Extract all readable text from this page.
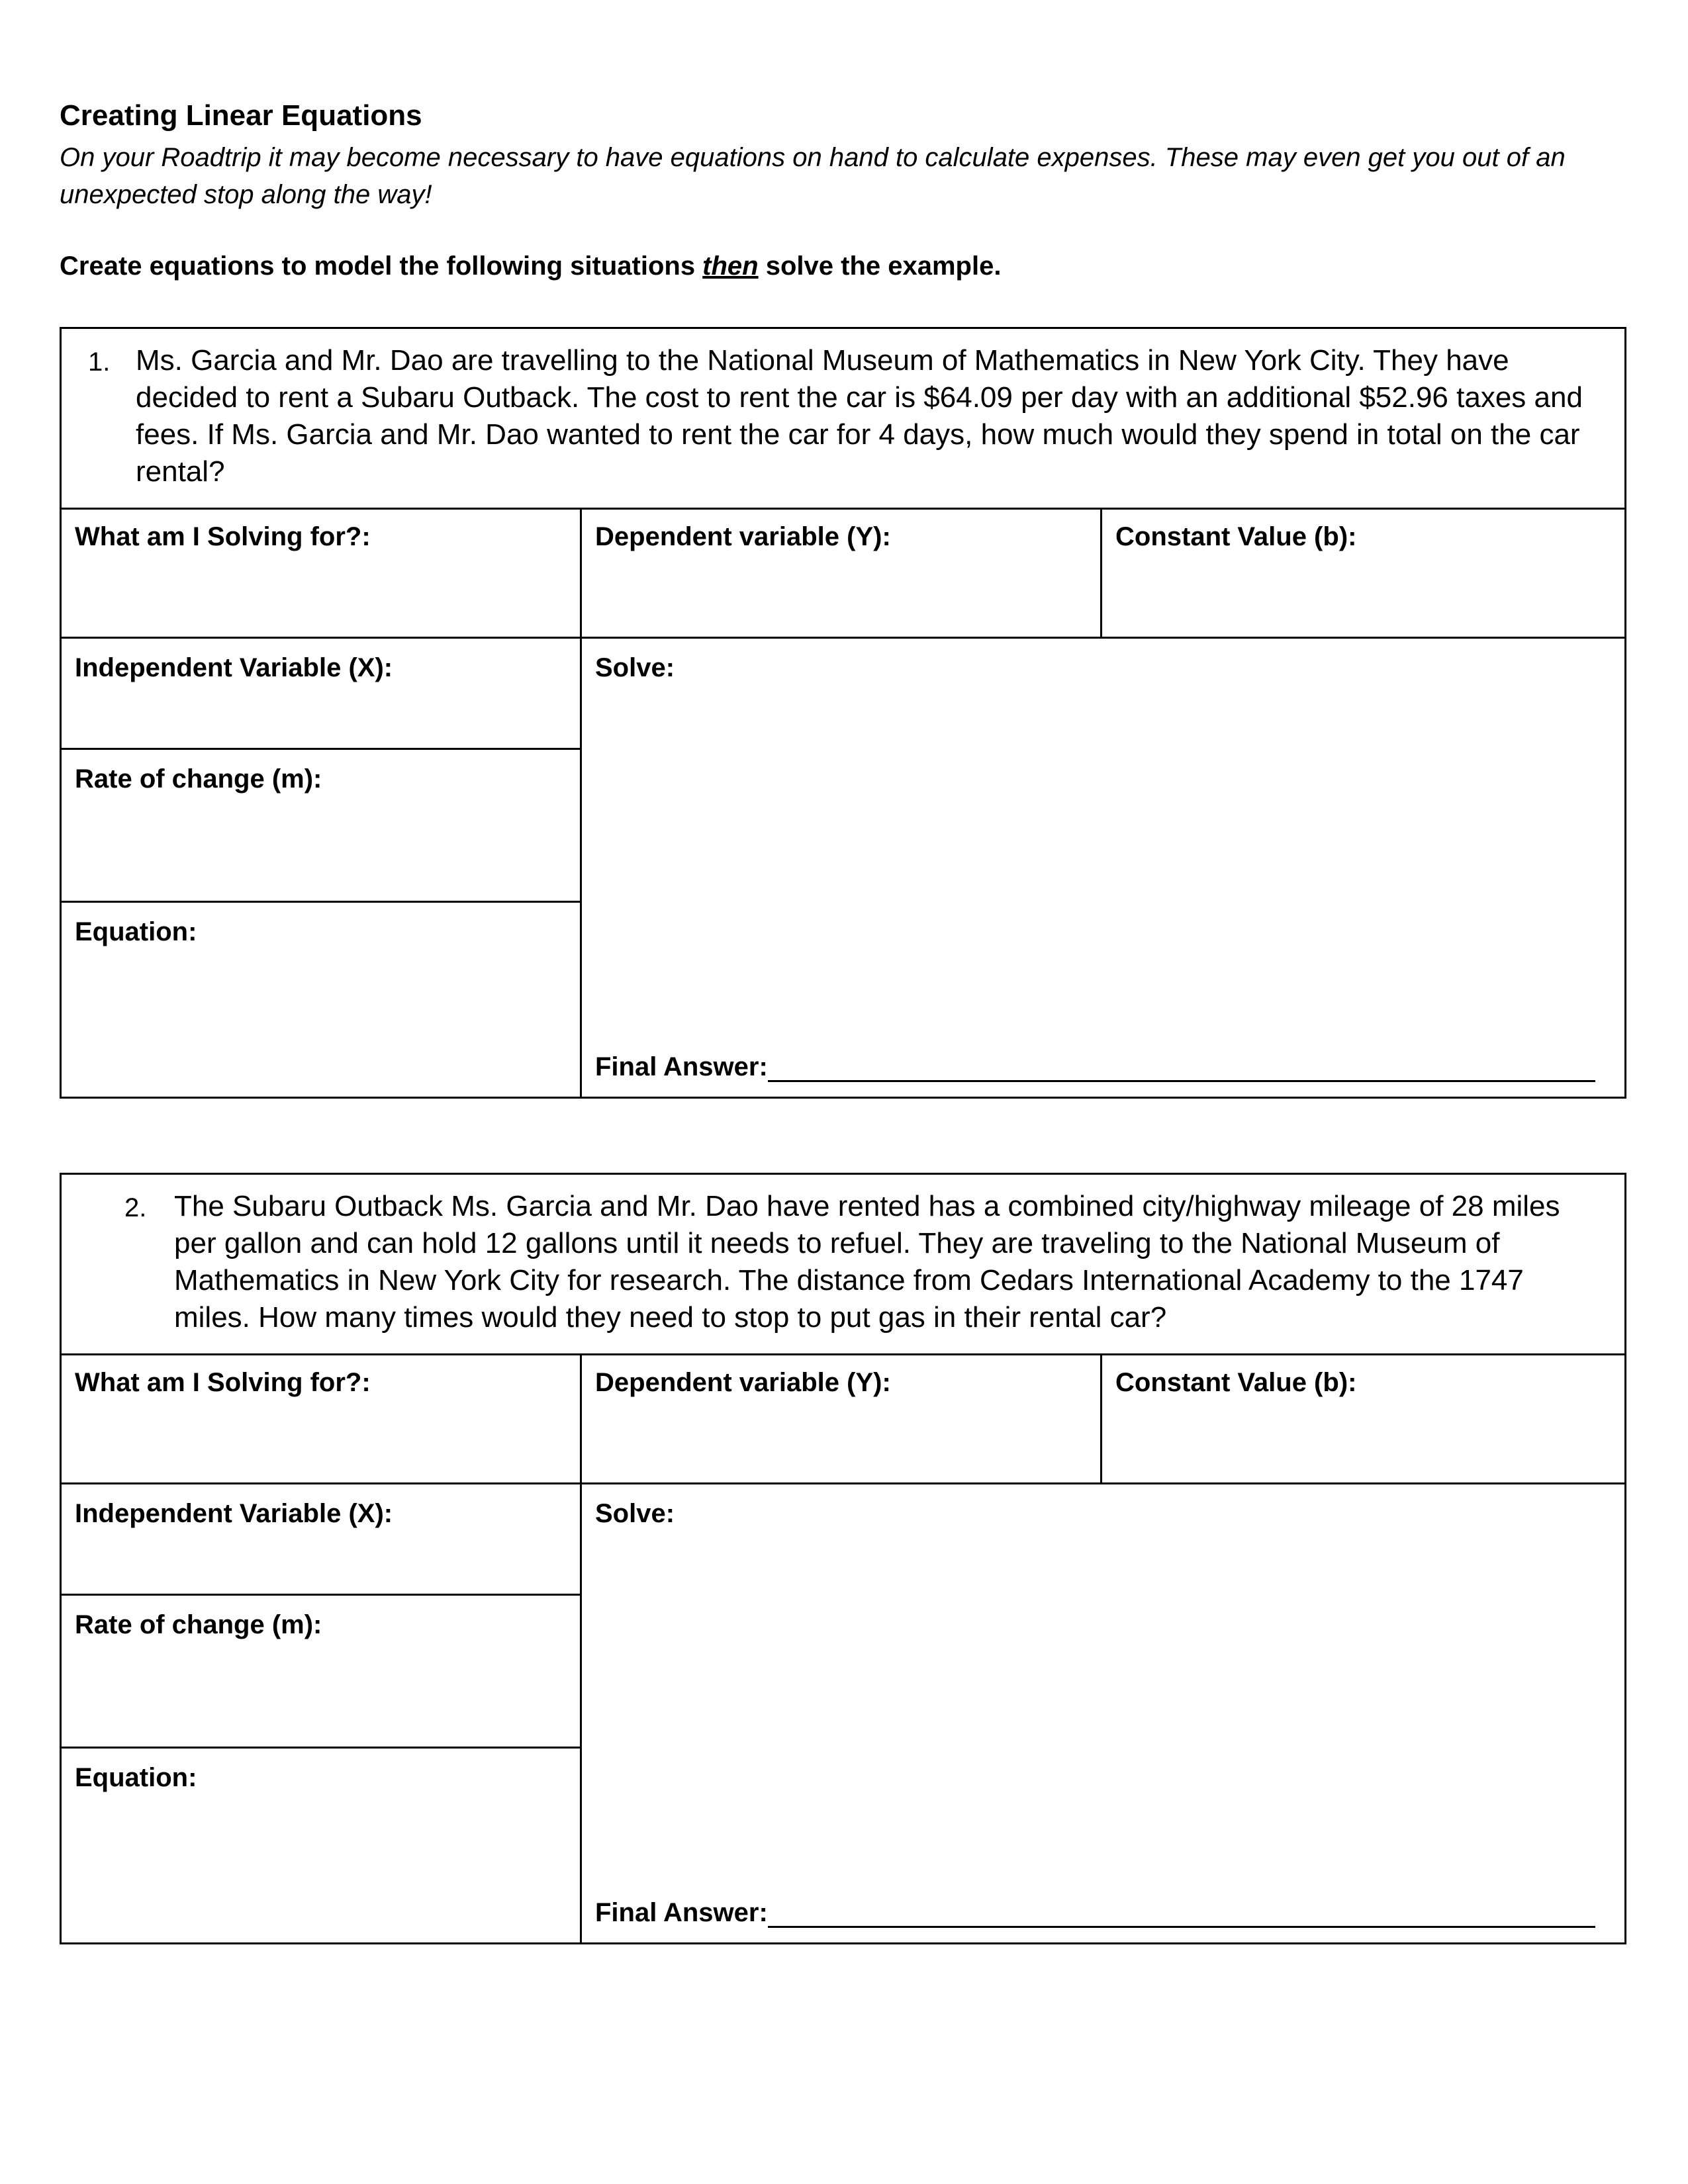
Creating Linear Equations

On your Roadtrip it may become necessary to have equations on hand to calculate expenses. These may even get you out of an unexpected stop along the way!

Create equations to model the following situations then solve the example.

1. Ms. Garcia and Mr. Dao are travelling to the National Museum of Mathematics in New York City. They have decided to rent a Subaru Outback. The cost to rent the car is $64.09 per day with an additional $52.96 taxes and fees. If Ms. Garcia and Mr. Dao wanted to rent the car for 4 days, how much would they spend in total on the car rental?
What am I Solving for?:	Dependent variable (Y):	Constant Value (b):
Independent Variable (X):	Solve:
Rate of change (m):
Equation:
Final Answer:
2. The Subaru Outback Ms. Garcia and Mr. Dao have rented has a combined city/highway mileage of 28 miles per gallon and can hold 12 gallons until it needs to refuel. They are traveling to the National Museum of Mathematics in New York City for research. The distance from Cedars International Academy to the 1747 miles. How many times would they need to stop to put gas in their rental car?
What am I Solving for?:	Dependent variable (Y):	Constant Value (b):
Independent Variable (X):	Solve:
Rate of change (m):
Equation:
Final Answer:
